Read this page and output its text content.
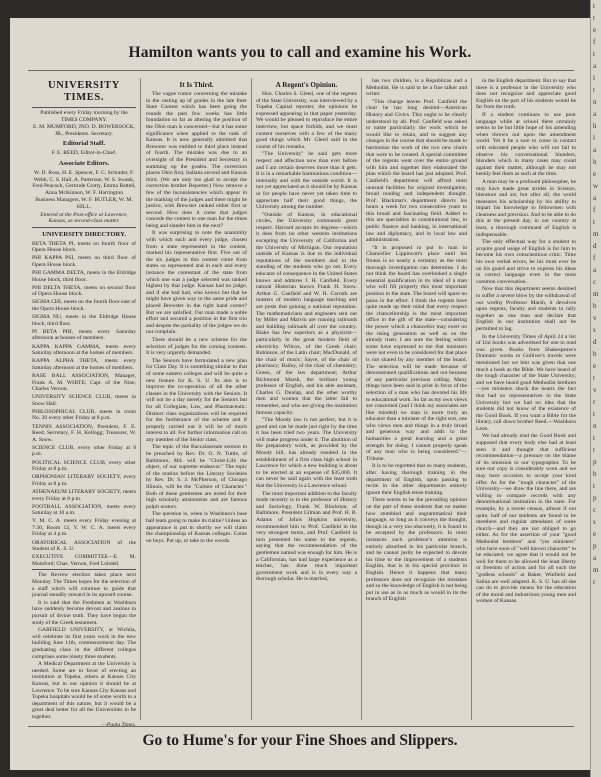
Hamilton wants you to call and examine his Work.
UNIVERSITY TIMES.

Published every Friday morning by the TIMES COMPANY.

E. M. MUMFORD, JNO. D. BOWERSOCK, JR., Presidents. Secretary.

Editorial Staff.

F. E. REED, Editor-in-Chief.

Associate Editors.

W. D. Ross, H. E. Spencer, F. C. Schrader, F. Webb, C. S. Hall, A. Patterson, W. S. Swank, Fred Peacock, Gertrude Crotty, Emma Battell, Anna McKinnon, W. F. Harrington

Business Managers, W. F. BUTLER, W. M. HILL.

Entered at the Post-office at Lawrence, Kansas, as second-class matter.

UNIVERSITY DIRECTORY.

BETA THETA PI, meets on fourth floor of Opera House block.

PHI KAPPA PSI, meets on third floor of Opera House block.

PHI GAMMA DELTA, meets in the Eldridge House block, third floor.

PHI DELTA THETA, meets on second floor of Opera House block.

SIGMA CHI, meets on the fourth floor east of the Opera House block.

SIGMA NU, meets in the Eldridge House block, third floor.

PI BETA PHI, meets every Saturday afternoon at houses of members.

KAPPA KAPPA GAMMA, meets every Saturday afternoon at the homes of members.

KAPPA ALPHA THETA, meets every Saturday afternoon at the homes of members.

BASE BALL ASSOCIATION, Manager, Frank A. M. WHITE; Capt. of the Nine, Charles Vernon.

UNIVERSITY SCIENCE CLUB, meets in Snow Hall.

PHILOSOPHICAL CLUB, meets in room No. 20 every other Friday at 8 p.m.

TENNIS ASSOCIATION, President, F. E. Reed; Secretary, F. H. Kellogg; Treasurer, W. A. Snow.

SCIENCE CLUB, every other Friday at 8 p.m.

POLITICAL SCIENCE CLUB, every other Friday at 8 p.m.

ORPHONIAN LITERARY SOCIETY, every Friday at 8 p.m.

ATHENAEUM LITERARY SOCIETY, meets every Friday at 8 p.m.

FOOTBALL ASSOCIATION, meets every Saturday at 10 a.m.

Y. M. C. A. meets every Friday evening at 7:30, Room 12, Y. W. C. A. meets every Friday at 4 p.m.

ORATORICAL ASSOCIATION of the Student of K. S. U.

EXECUTIVE COMMITTEE—E. M. Mumford; Chas. Vernon, Fred Lobdell.

The Review election takes place next Monday. The Times hopes for the selection of a staff which will continue to guide that journal steadily onward in its upward course.

It is said that the Freshmen at Washburn have suddenly become devout and zealous in pursuit of divine truth. They have begun the study of the Greek testament.

GARFIELD UNIVERSITY, at Wichita, will celebrate its first years work in the new building June 11th, commencement day. The graduating class in the different colleges comprises some ninety three students.

A Medical Department at the University is needed. Some are in favor of erecting an institution at Topeka, others at Kansas City Kansas, but in our opinion it should be at Lawrence. To be sure Kansas City Kansas and Topeka hospitals would be of some worth to a department of this nature, but it would be a great deal better for all the Universities to be together.

—Paola Times.

It Is Third.

The vague rumor concerning the mistake in the casting up of grades in the late Inter State Contest which has been going the rounds the past few weeks has little foundation so far as altering the position of the Ohio man is concerned—but it has some significance when applied to the rank of Kansas. It is now generally admitted that Brewster was entitled to third place instead of fourth. The mistake was due to an oversight of the President and Secretary in summing up the grades. The correction places Ohio first, Indiana second and Kansas third. (We are only too glad to accept the correction brother Reporter.) Now remove a few of the inconsistencies which appear in the marking of the judges and there might be justice, with Brewster ranked either first or second. How does it come that judges concede the contest to one man for the times being and slander him in the next?

It was surprising to note the unanimity with which each and every judge, chosen from a state represented in the contest, marked his representative first. Five out of the six judges in this contest come from states so represented and in each and every instance the contestant of the state from which one was a judge selected was ranked highest by that judge. Kansas had no judge, and if she had had, who knows but that he might have given way to the same pride and placed Brewster in the right hand corner? But we are satisfied. Our man made a noble effort and secured a position in the first trio and despite the partiality of the judges we do not complain.

There should be a new scheme for the selection of judges for the coming contests. It is very urgently demanded.

The Seniors have formulated a new plan for Class Day. It is something similar to that of some eastern colleges and will be quite a new feature for K. S. U. Its aim is to improve the co-operation of all the other classes in the University with the Seniors. It will not be a day merely for the Seniors but for all Collegiate, Law, and Pharmaceutic. Distinct class organizations will be required for the furtherance of the scheme and if properly carried out it will be of much interest to all. For further information call on any member of the Senior class.

The topic of the Baccalaureate sermon to be preached by Rev. Dr. O. N. Tuttle, of Baltimore, Md. will be "Christ-Life the object, of our supreme endeavor." The topic of the oration before the Literary Societies by Rev. Dr. S. J. McPherson, of Chicago Illinois, will be the "Culture of Character." Both of these gentlemen are noted for their high scholarly attainments and are famous pulpit orators.

The question is, when is Washburn's base ball team going to make its rialtie? Unless an appearance is put in shortly we will claim the championship of Kansas colleges. Come on boys. Put up, or take to the woods.

A Regent's Opinion.

Hon. Charles S. Gleed, one of the regents of the State University, was interviewed by a Topeka Capital reporter, the opinions he expressed appearing in that paper yesterday. We would be pleased to reproduce the entire interview, but space forbids, and we must content ourselves with a few of the many good things which Mr. Gleed said in the course of his remarks.

"The University" he said gets more respect and affection now than ever before and I am certain deserves more than it gets. It is in a remarkable harmonious condition—internally and with the outside world. It is not yet appreciated as it should be by Kansas or for people have never yet taken time to appreciate half their good things, the University among the number.

"Outside of Kansas, in educational circles, the University commands great respect. Harvard accepts its degrees—which it does from no other western institutions excepting the University of California and the University of Michigan. Our reputation outside of Kansas is due to the individual reputations of the members and to the standing of the students who go out. Every educator of consequence in the United States knows and admires J. H. Canfield. Every natural Historian knows Frank H. Snow. Arthur G. Canfield and W. H. Carruth are masters of modern language teaching and are posts that gaining a national reputation. The mathematicians and engineers sent out by Miller and Marvin are running railroads and building railroads all over the country. Blake has few superiors as a physicist—particularly in the great modern field of electricity. Wilcox, of the Greek chair; Robinson, of the Latin chair; MacDonald, of the chair of music; Sayre, of the chair of pharmacy; Bailey, of the chair of chemistry; Green, of the law department; Arthur Richmond Marsh, the brilliant young professor of English, and his able assistant, Charles G. Dunlap, and the other worthy men and women that the latter fail to remember, and who are giving the institution famous capacity.

"The Moody law is not perfect, but it is good and can be made just right by the time it has been tried two years. The University will make progress under it. The abolition of the preparatory work, as provided by the Moody bill, has already resulted in the establishment of a first class high school in Lawrence for which a new building is about to be erected at an expense of $35,000. It can never be said again with the least truth that the University is a Lawrence school.

The most important addition to the faculty made recently is in the professor of History and Sociology, Frank W. Blackmar, of Baltimore. President Gilman and Prof. H. B. Adams of Johns Hopkins university, recommended him to Prof. Canfield in the very strongest terms, and Prof. Canfield in turn presented his name to the regents, saying that the recommendation of the gentlemen named was enough for him. He is a Californian, has had large experience as a teacher, has done much important government work and is in every way a thorough scholar. He is married,

has two children, is a Republican and a Methodist. He is said to be a fine talker and writer.

"This change leaves Prof. Canfield the chair he has long desired—American History and Civics. This ought to be clearly understood by all. Prof. Canfield was asked to name particularly the work which he would like to retain, and to suggest any changes in the course that should be made to harmonize the work of the two new chairs that were to be created. A special committee of the regents went over the entire ground with him and together they elaborated the plan which the board has just adopted. Prof. Canfield's department will afford most unusual facilities for original investigation, broad reading and independent thought. Prof. Blackmar's department directs his hours a week for two consecutive years to this broad and fascinating field. Added to this are specialties in constitutional law, in public finance and banking, in international law and diplomacy, and in local law and administration.

"It is proposed to put to man in Chancellor Lippincott's place until his fitness is so nearly a certainty as the most thorough investigation can determine. I do not think the board has overlooked a single essential qualification in its ideal of a man who will fill properly this most important position in the state. The board will spare no pains in the effort. I think the regents have quite made up their mind that every respect the chancellorship is the most important office in the gift of the state—considering the power which a chancellor may exert on the rising generation as well as on the already risen. I am sure the feeling which some have expressed to me that ministers were not even to be considered for that place is not shared by any member of the board. The selection will be made because of demonstrated qualifications and not because of any particular previous calling. Many things have been said in print in favor of the selection of a man who has devoted his life to educational work. So far as my own views are concerned (and I think my associates are like minded) no man is more truly an educator than a minister of the right sort, one who views men and things in a truly broad and generous way and adds to the humanities a great learning and a great strength for doing. I cannot properly speak of any man who is being considered."—Tribune.

It is to be regretted that so many students, after having thorough training in the department of English, upon passing to recite in the other departments entirely ignore their English tense training.

There seems to be the prevailing opinion on the part of these students that no matter how stumbled and ungrammatical their language, so long as it conveys the thought, though in a very too obscurely, it is found to be accepted by the professors. In most instances such professor's attention is entirely absorbed in his particular branch, and he cannot justly be expected to devote his time to the improvement of a students English, that is in his special province in English. Hence it happens that many professors does not recognize the mistakes and so the knowledge of English is not being put in use as in as much as would in its the branch of English

in the English department. But to say that there is a professor in the University who does not recognize and appreciate good English on the part of his students would be far from the truth.

If a student continues to use poor language while at school there certainly seems to be but little hope of his amending when thrown out upon the amendment world. Yet it be a sure to come in contact with educated people who will not fail to observe his conversational blunders, blunders which in many cases may count against their matter, although he may not keenly feel them as such at the time.

A man may be a profound philosopher, he may have made great strides in Science, literature and art, but after all, the world measures his scholarship by his ability to impart his knowledge to fellowmen with clearness and precision. And to be able to do this at the present day, in our country at least, a thorough command of English is indispensable.

The only effectual way for a student to acquire good usage of English is for him to become his own conscientious critic. Time his own verbal errors, be his must ever be on his guard and strive to express his ideas in correct language even in the most common conversation.

Now that this department seems destined to suffer a severe blow by the withdrawal of our worthy Professor Marsh, it devolves upon regents, faculty and students to rally together as one man and declare that English in our institution shall not be permitted to lag.

In the University Times of April 24 a list of Uni books was advertised for one to read was given. Books from Shakespeare's Dramatic works to Gulliver's travels were mentioned but we hint was given that one much a book as the Bible. We have heard of the tough character of the State University; and we have heard good Methodist brethren—yes ministers shock the hearts the fact that had no representatives in the State University but we had no idea that the students did not know of the existence of the Good Book. If you want a Bible for the library, call down brother Reed.—Washburn Leon.

We had already read the Good Book and supposed that every body else had at least seen it and thought that sufficient recommendation—a pressure on the blame of its omission to our typographer. To be sure our copy is considerably worn and we may have occasion to accept your kind offer. As for the "tough character" of the University—we draw the line there, and are willing to compare records with any denominational institution in the state. For example, by a recent census, almost if not quite, half of our students are found to be members and regular attendants of some church—and they are not obliged to go either. As for the assertion of your "good Methodist brethren" and "yes ministers" who have soon of "well known character" to be educated, we agree that it would not be well for them to be allowed the least liberty or freedom of action and for all such the "godless schools" at Baker, Winfield and Salina are well adapted. K. S. U. has all she can do to provide means for the education of the moral and industrious young men and women of Kansas.

Go to Hume's for your Fine Shoes and Slippers.
t
t
e
f
t
a
l
t
n
a
h
l
a
h
e
w
a
f
t
m
d
f
a
c
m
b
v
s
d
b
e
t
v
r
t
n
t
t
p
b
t
p
c
s
e
p
a
m
r
